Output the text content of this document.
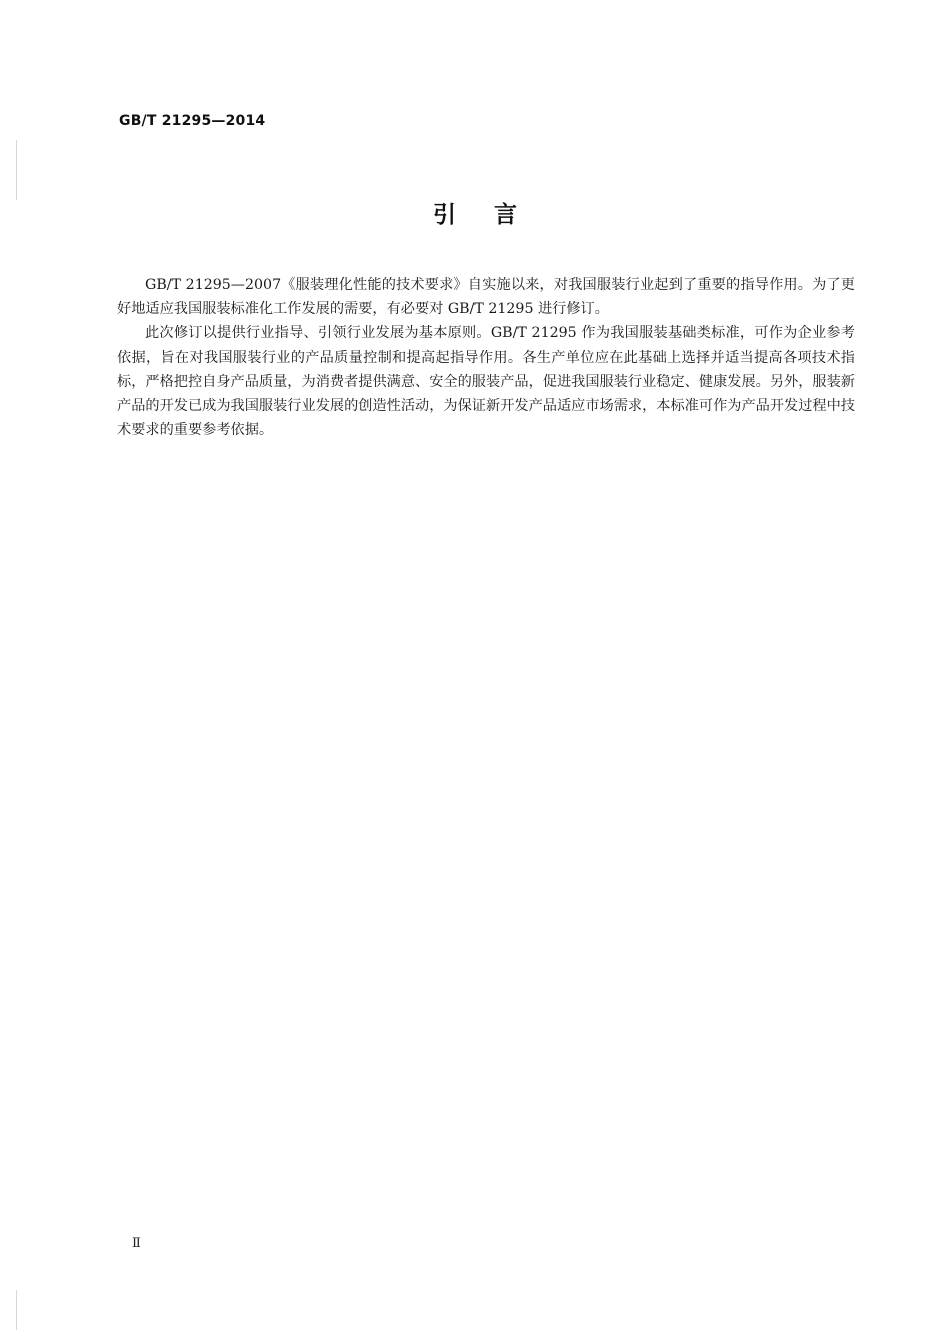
GB/T 21295—2014
引言

GB/T 21295—2007《服装理化性能的技术要求》自实施以来，对我国服装行业起到了重要的指导作用。为了更好地适应我国服装标准化工作发展的需要，有必要对 GB/T 21295 进行修订。

此次修订以提供行业指导、引领行业发展为基本原则。GB/T 21295 作为我国服装基础类标准，可作为企业参考依据，旨在对我国服装行业的产品质量控制和提高起指导作用。各生产单位应在此基础上选择并适当提高各项技术指标，严格把控自身产品质量，为消费者提供满意、安全的服装产品，促进我国服装行业稳定、健康发展。另外，服装新产品的开发已成为我国服装行业发展的创造性活动，为保证新开发产品适应市场需求，本标准可作为产品开发过程中技术要求的重要参考依据。

Ⅱ
